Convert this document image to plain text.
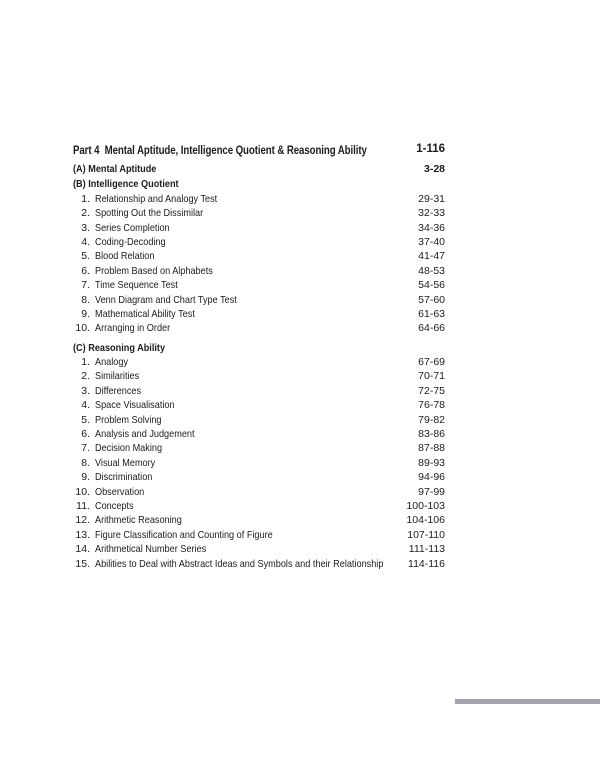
Part 4  Mental Aptitude, Intelligence Quotient & Reasoning Ability	1-116
(A) Mental Aptitude	3-28
(B) Intelligence Quotient
1. Relationship and Analogy Test	29-31
2. Spotting Out the Dissimilar	32-33
3. Series Completion	34-36
4. Coding-Decoding	37-40
5. Blood Relation	41-47
6. Problem Based on Alphabets	48-53
7. Time Sequence Test	54-56
8. Venn Diagram and Chart Type Test	57-60
9. Mathematical Ability Test	61-63
10. Arranging in Order	64-66
(C) Reasoning Ability
1. Analogy	67-69
2. Similarities	70-71
3. Differences	72-75
4. Space Visualisation	76-78
5. Problem Solving	79-82
6. Analysis and Judgement	83-86
7. Decision Making	87-88
8. Visual Memory	89-93
9. Discrimination	94-96
10. Observation	97-99
11. Concepts	100-103
12. Arithmetic Reasoning	104-106
13. Figure Classification and Counting of Figure	107-110
14. Arithmetical Number Series	111-113
15. Abilities to Deal with Abstract Ideas and Symbols and their Relationship	114-116
